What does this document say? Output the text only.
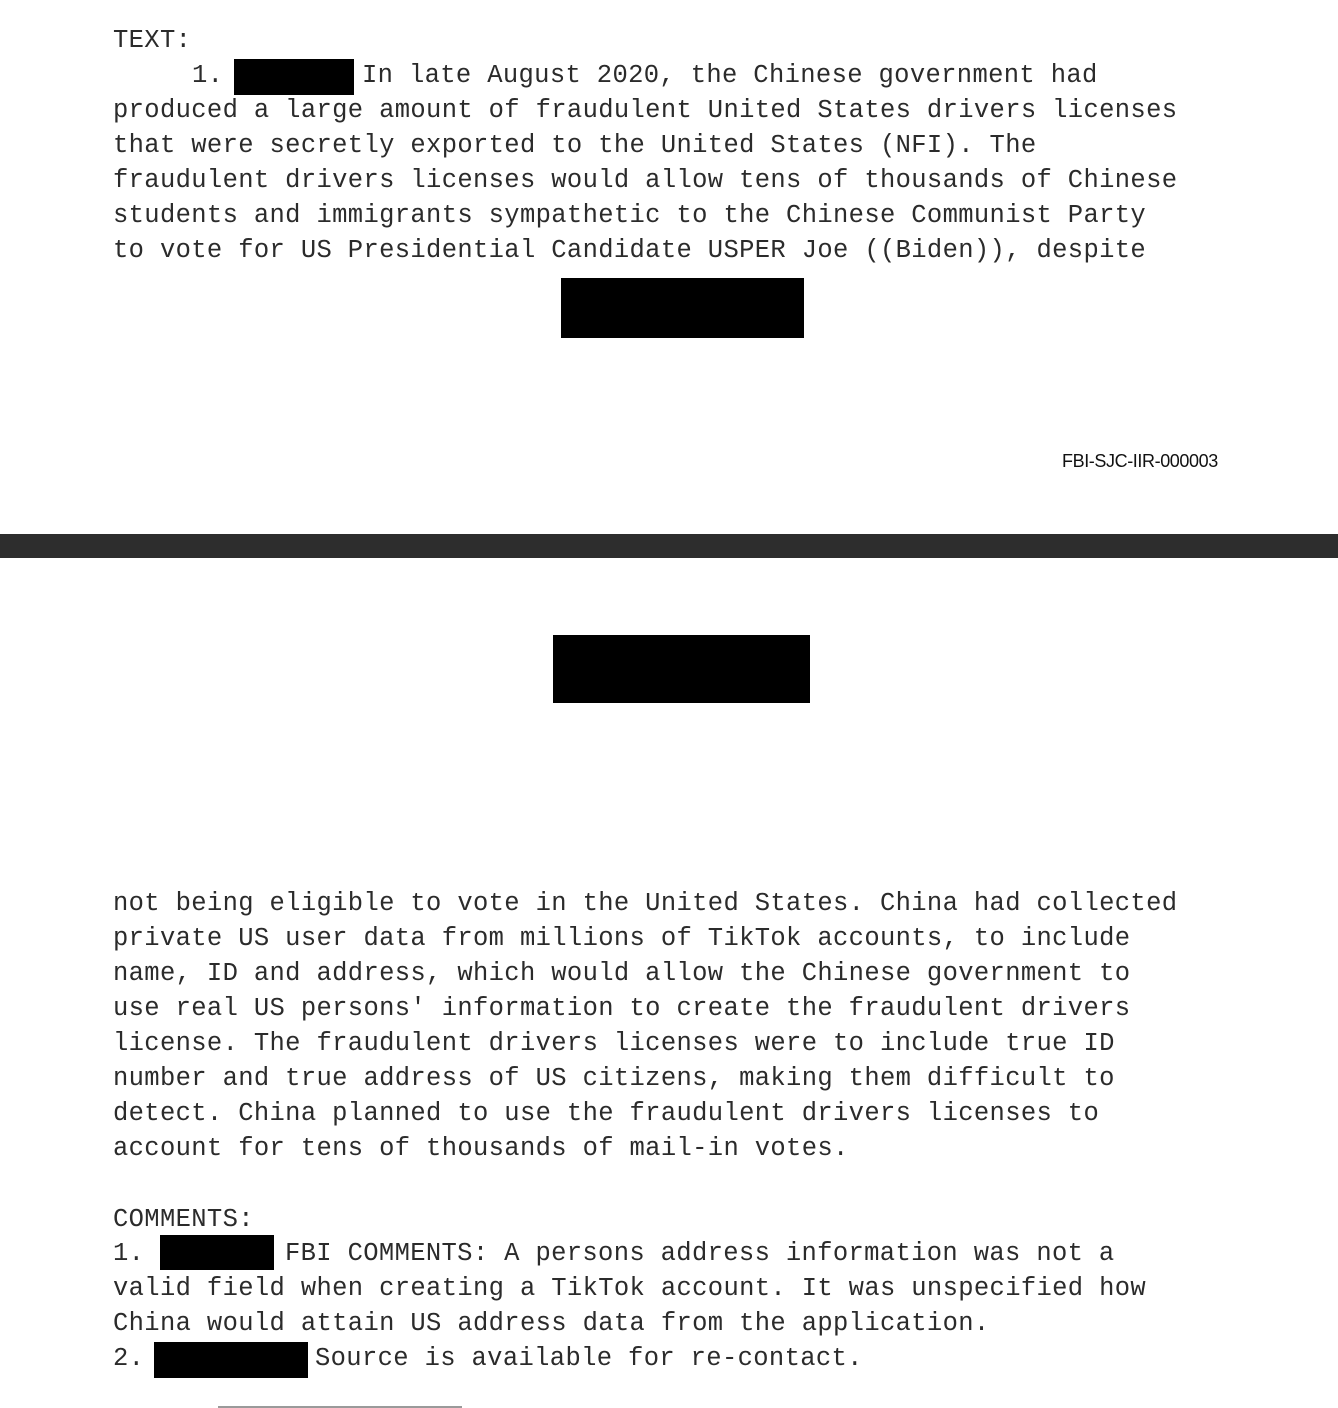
TEXT:
1.	In late August 2020, the Chinese government had
produced a large amount of fraudulent United States drivers licenses
that were secretly exported to the United States (NFI). The
fraudulent drivers licenses would allow tens of thousands of Chinese
students and immigrants sympathetic to the Chinese Communist Party
to vote for US Presidential Candidate USPER Joe ((Biden)), despite
FBI-SJC-IIR-000003
not being eligible to vote in the United States. China had collected
private US user data from millions of TikTok accounts, to include
name, ID and address, which would allow the Chinese government to
use real US persons' information to create the fraudulent drivers
license. The fraudulent drivers licenses were to include true ID
number and true address of US citizens, making them difficult to
detect. China planned to use the fraudulent drivers licenses to
account for tens of thousands of mail-in votes.
COMMENTS:
1.	FBI COMMENTS: A persons address information was not a
valid field when creating a TikTok account. It was unspecified how
China would attain US address data from the application.
2.	Source is available for re-contact.
